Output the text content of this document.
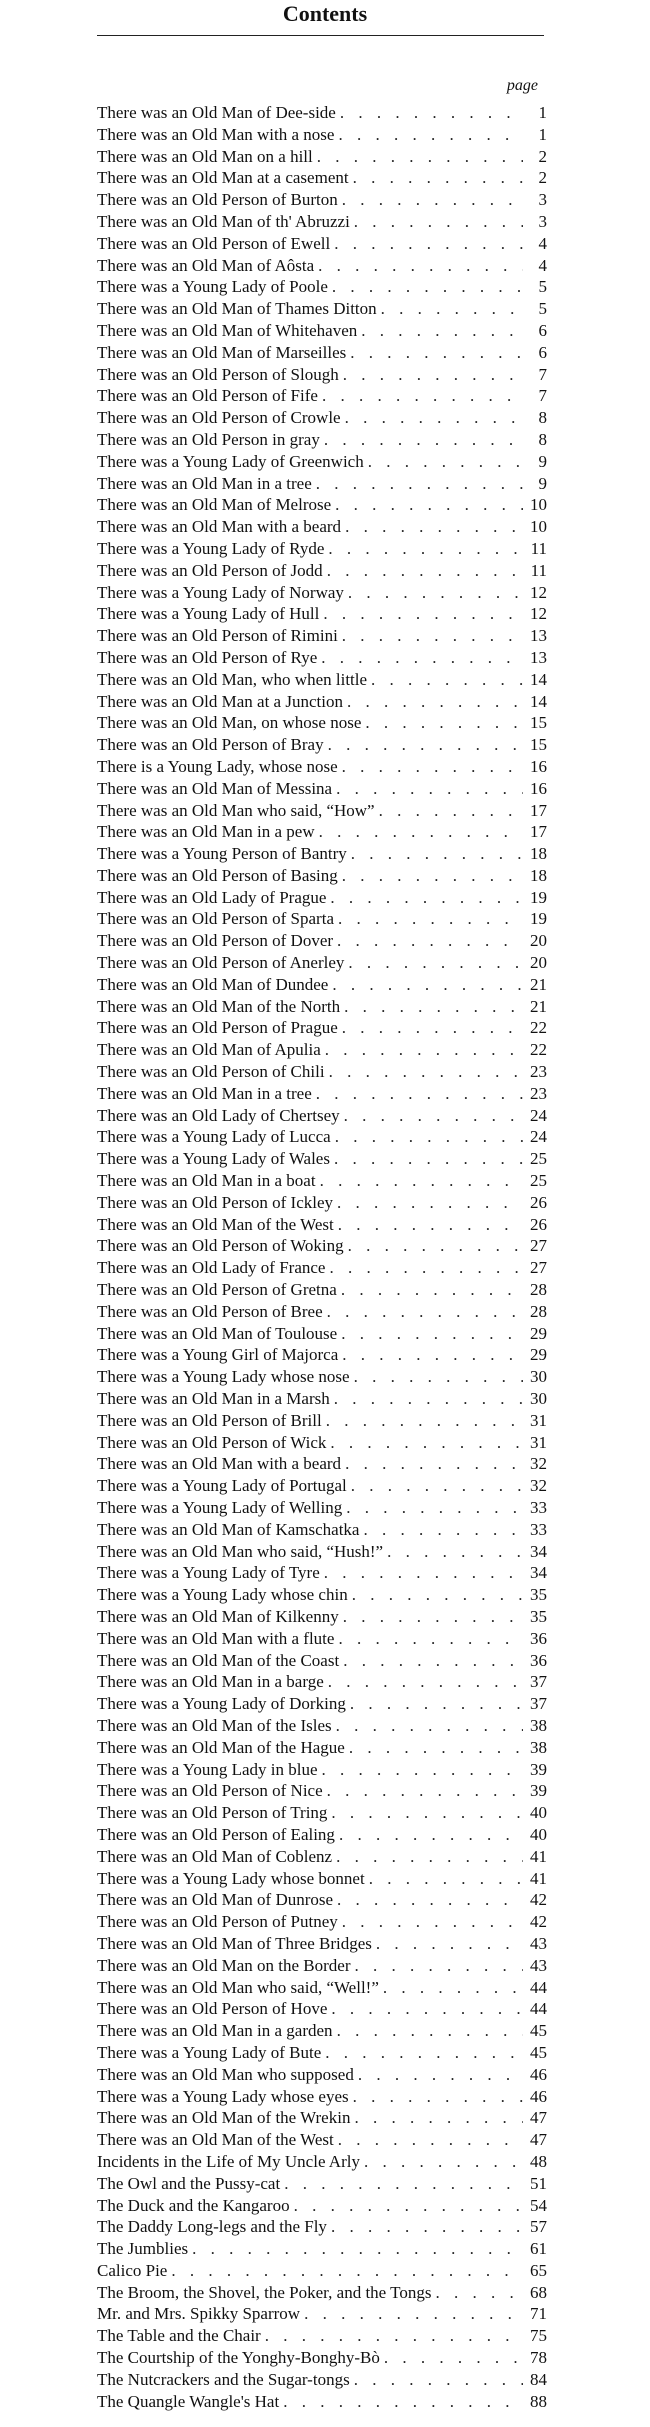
Contents
page
There was an Old Man of Dee-side . . .	1
There was an Old Man with a nose . . .	1
There was an Old Man on a hill . . .	2
There was an Old Man at a casement . . .	2
There was an Old Person of Burton . . .	3
There was an Old Man of th' Abruzzi . . .	3
There was an Old Person of Ewell . . .	4
There was an Old Man of Aôsta . . .	4
There was a Young Lady of Poole . . .	5
There was an Old Man of Thames Ditton . . .	5
There was an Old Man of Whitehaven . . .	6
There was an Old Man of Marseilles . . .	6
There was an Old Person of Slough . . .	7
There was an Old Person of Fife . . .	7
There was an Old Person of Crowle . . .	8
There was an Old Person in gray . . .	8
There was a Young Lady of Greenwich . . .	9
There was an Old Man in a tree . . .	9
There was an Old Man of Melrose . . .	10
There was an Old Man with a beard . . .	10
There was a Young Lady of Ryde . . .	11
There was an Old Person of Jodd . . .	11
There was a Young Lady of Norway . . .	12
There was a Young Lady of Hull . . .	12
There was an Old Person of Rimini . . .	13
There was an Old Person of Rye . . .	13
There was an Old Man, who when little . . .	14
There was an Old Man at a Junction . . .	14
There was an Old Man, on whose nose . . .	15
There was an Old Person of Bray . . .	15
There is a Young Lady, whose nose . . .	16
There was an Old Man of Messina . . .	16
There was an Old Man who said, “How” . . .	17
There was an Old Man in a pew . . .	17
There was a Young Person of Bantry . . .	18
There was an Old Person of Basing . . .	18
There was an Old Lady of Prague . . .	19
There was an Old Person of Sparta . . .	19
There was an Old Person of Dover . . .	20
There was an Old Person of Anerley . . .	20
There was an Old Man of Dundee . . .	21
There was an Old Man of the North . . .	21
There was an Old Person of Prague . . .	22
There was an Old Man of Apulia . . .	22
There was an Old Person of Chili . . .	23
There was an Old Man in a tree . . .	23
There was an Old Lady of Chertsey . . .	24
There was a Young Lady of Lucca . . .	24
There was a Young Lady of Wales . . .	25
There was an Old Man in a boat . . .	25
There was an Old Person of Ickley . . .	26
There was an Old Man of the West . . .	26
There was an Old Person of Woking . . .	27
There was an Old Lady of France . . .	27
There was an Old Person of Gretna . . .	28
There was an Old Person of Bree . . .	28
There was an Old Man of Toulouse . . .	29
There was a Young Girl of Majorca . . .	29
There was a Young Lady whose nose . . .	30
There was an Old Man in a Marsh . . .	30
There was an Old Person of Brill . . .	31
There was an Old Person of Wick . . .	31
There was an Old Man with a beard . . .	32
There was a Young Lady of Portugal . . .	32
There was a Young Lady of Welling . . .	33
There was an Old Man of Kamschatka . . .	33
There was an Old Man who said, “Hush!” . . .	34
There was a Young Lady of Tyre . . .	34
There was a Young Lady whose chin . . .	35
There was an Old Man of Kilkenny . . .	35
There was an Old Man with a flute . . .	36
There was an Old Man of the Coast . . .	36
There was an Old Man in a barge . . .	37
There was a Young Lady of Dorking . . .	37
There was an Old Man of the Isles . . .	38
There was an Old Man of the Hague . . .	38
There was a Young Lady in blue . . .	39
There was an Old Person of Nice . . .	39
There was an Old Person of Tring . . .	40
There was an Old Person of Ealing . . .	40
There was an Old Man of Coblenz . . .	41
There was a Young Lady whose bonnet . . .	41
There was an Old Man of Dunrose . . .	42
There was an Old Person of Putney . . .	42
There was an Old Man of Three Bridges . . .	43
There was an Old Man on the Border . . .	43
There was an Old Man who said, “Well!” . . .	44
There was an Old Person of Hove . . .	44
There was an Old Man in a garden . . .	45
There was a Young Lady of Bute . . .	45
There was an Old Man who supposed . . .	46
There was a Young Lady whose eyes . . .	46
There was an Old Man of the Wrekin . . .	47
There was an Old Man of the West . . .	47
Incidents in the Life of My Uncle Arly . . .	48
The Owl and the Pussy-cat . . .	51
The Duck and the Kangaroo . . .	54
The Daddy Long-legs and the Fly . . .	57
The Jumblies . . .	61
Calico Pie . . .	65
The Broom, the Shovel, the Poker, and the Tongs . . .	68
Mr. and Mrs. Spikky Sparrow . . .	71
The Table and the Chair . . .	75
The Courtship of the Yonghy-Bonghy-Bò . . .	78
The Nutcrackers and the Sugar-tongs . . .	84
The Quangle Wangle's Hat . . .	88
